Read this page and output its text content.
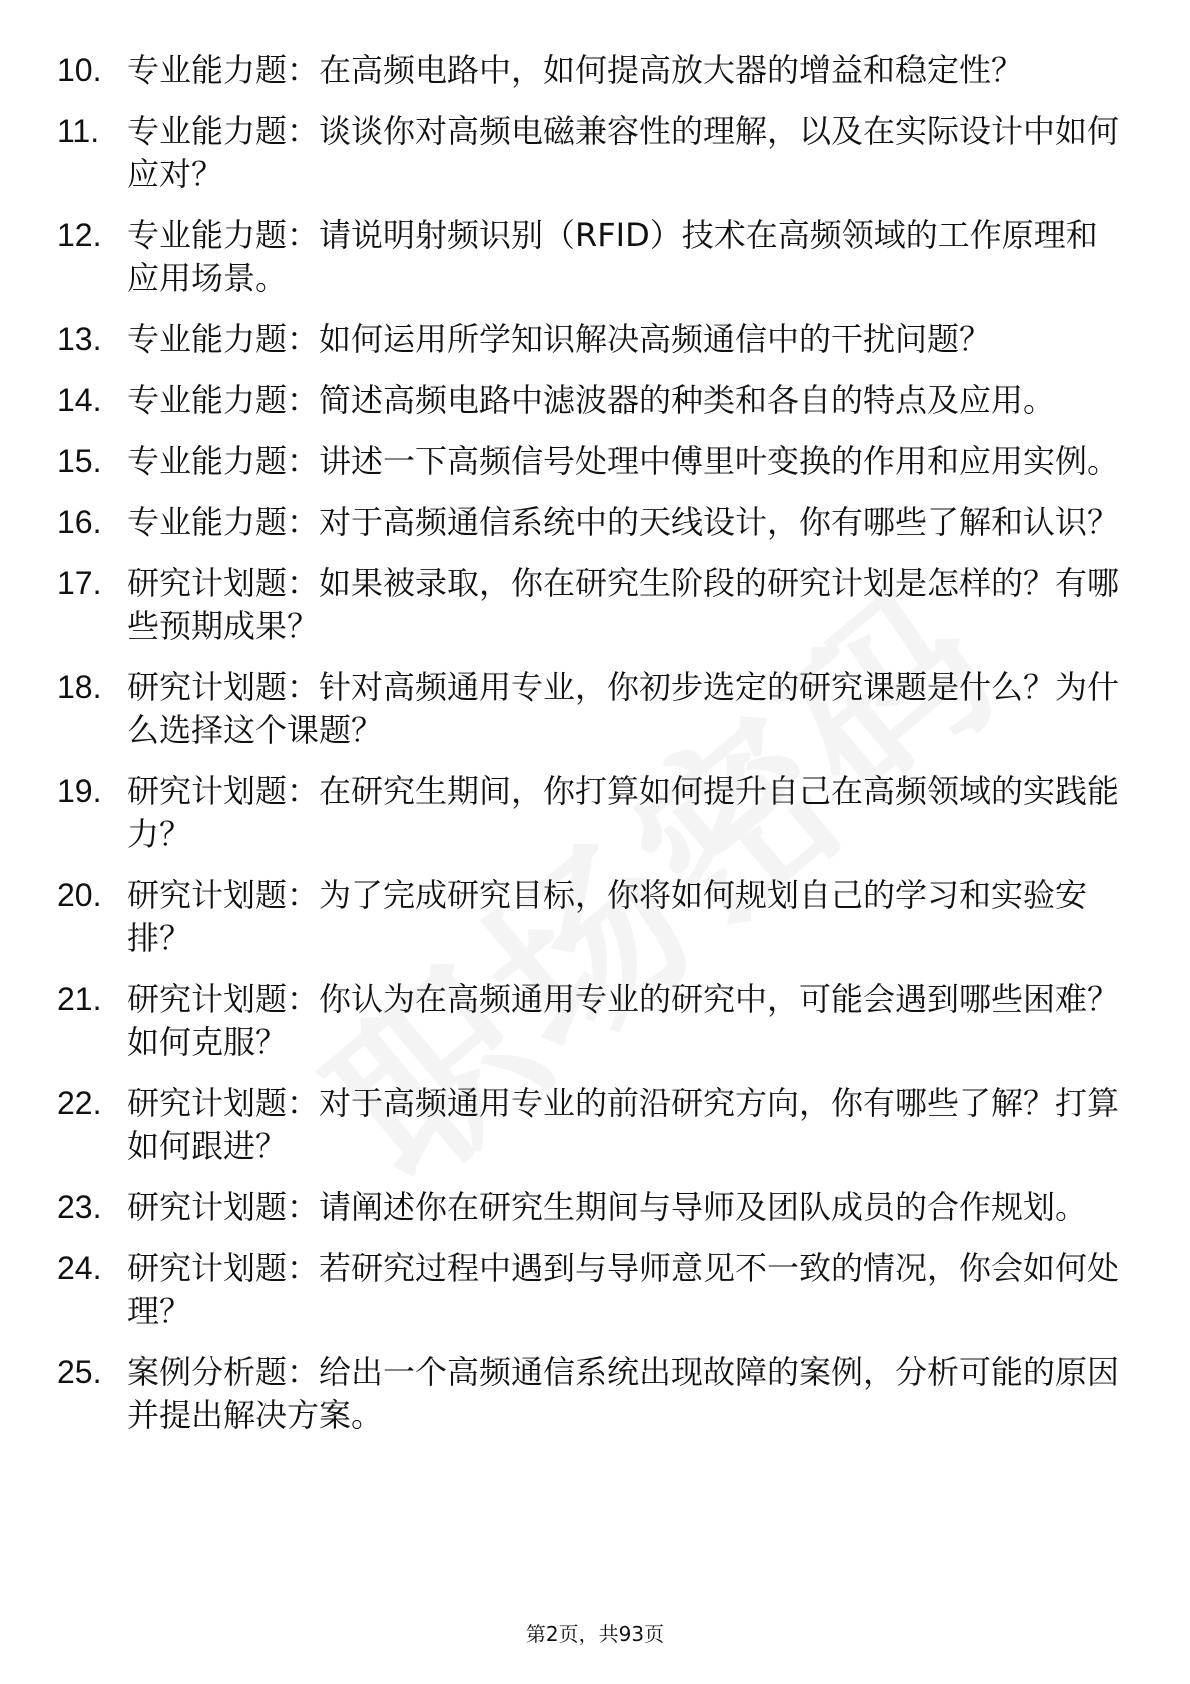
10. 专业能力题：在高频电路中，如何提高放大器的增益和稳定性？
11. 专业能力题：谈谈你对高频电磁兼容性的理解，以及在实际设计中如何应对？
12. 专业能力题：请说明射频识别（RFID）技术在高频领域的工作原理和应用场景。
13. 专业能力题：如何运用所学知识解决高频通信中的干扰问题？
14. 专业能力题：简述高频电路中滤波器的种类和各自的特点及应用。
15. 专业能力题：讲述一下高频信号处理中傅里叶变换的作用和应用实例。
16. 专业能力题：对于高频通信系统中的天线设计，你有哪些了解和认识？
17. 研究计划题：如果被录取，你在研究生阶段的研究计划是怎样的？有哪些预期成果？
18. 研究计划题：针对高频通用专业，你初步选定的研究课题是什么？为什么选择这个课题？
19. 研究计划题：在研究生期间，你打算如何提升自己在高频领域的实践能力？
20. 研究计划题：为了完成研究目标，你将如何规划自己的学习和实验安排？
21. 研究计划题：你认为在高频通用专业的研究中，可能会遇到哪些困难？如何克服？
22. 研究计划题：对于高频通用专业的前沿研究方向，你有哪些了解？打算如何跟进？
23. 研究计划题：请阐述你在研究生期间与导师及团队成员的合作规划。
24. 研究计划题：若研究过程中遇到与导师意见不一致的情况，你会如何处理？
25. 案例分析题：给出一个高频通信系统出现故障的案例，分析可能的原因并提出解决方案。
第2页，共93页
